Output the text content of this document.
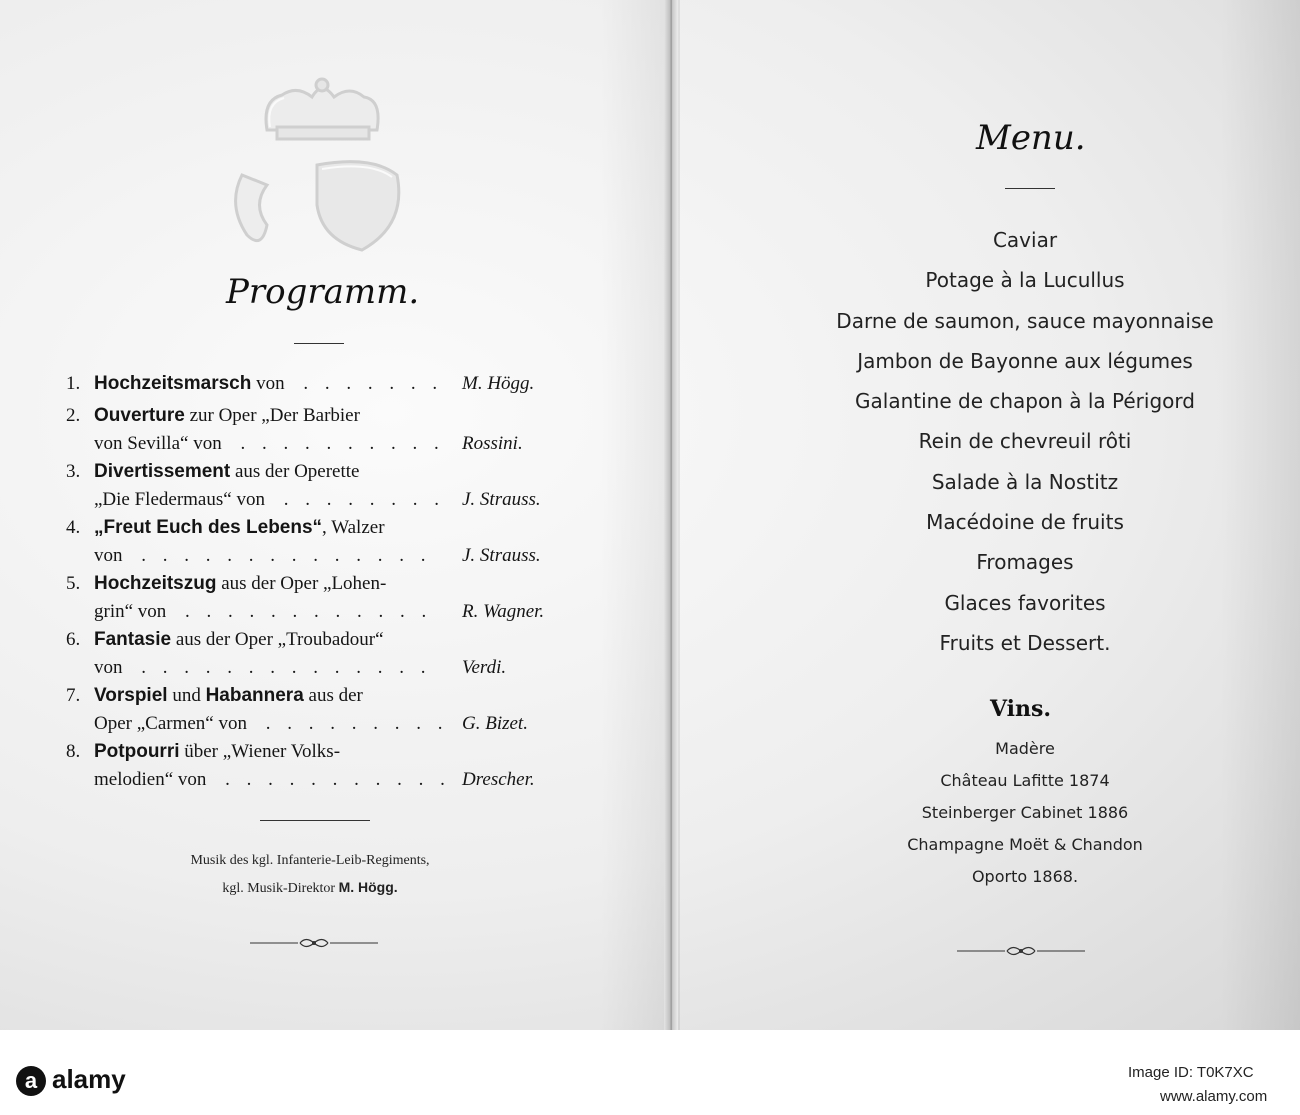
Programm.
1. Hochzeitsmarsch von . . . . . . . M. Högg.
2. Ouverture zur Oper „Der Barbier
von Sevilla“ von . . . . . . . . . . Rossini.
3. Divertissement aus der Operette
„Die Fledermaus“ von . . . . . . . . J. Strauss.
4. „Freut Euch des Lebens“, Walzer
von . . . . . . . . . . . . . . J. Strauss.
5. Hochzeitszug aus der Oper „Lohen-
grin“ von . . . . . . . . . . . . R. Wagner.
6. Fantasie aus der Oper „Troubadour“
von . . . . . . . . . . . . . . Verdi.
7. Vorspiel und Habannera aus der
Oper „Carmen“ von . . . . . . . . . G. Bizet.
8. Potpourri über „Wiener Volks-
melodien“ von . . . . . . . . . . . Drescher.
Musik des kgl. Infanterie-Leib-Regiments,
kgl. Musik-Direktor M. Högg.
Menu.
Caviar
Potage à la Lucullus
Darne de saumon, sauce mayonnaise
Jambon de Bayonne aux légumes
Galantine de chapon à la Périgord
Rein de chevreuil rôti
Salade à la Nostitz
Macédoine de fruits
Fromages
Glaces favorites
Fruits et Dessert.
Vins.
Madère
Château Lafitte 1874
Steinberger Cabinet 1886
Champagne Moët & Chandon
Oporto 1868.
a alamy	Image ID: T0K7XC
www.alamy.com
